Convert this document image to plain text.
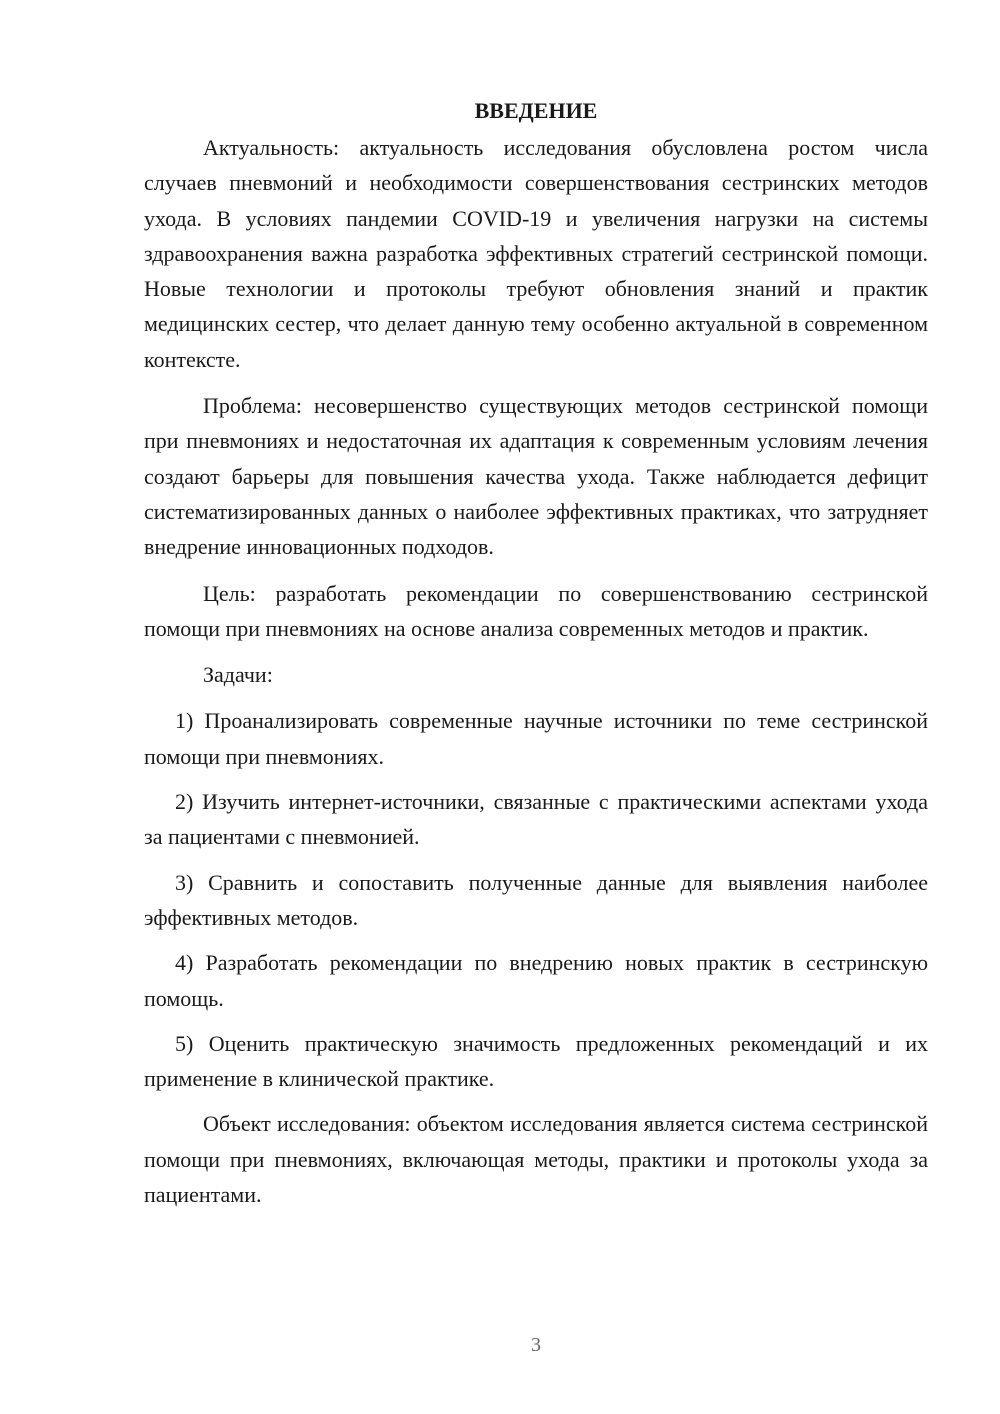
ВВЕДЕНИЕ

Актуальность: актуальность исследования обусловлена ростом числа случаев пневмоний и необходимости совершенствования сестринских методов ухода. В условиях пандемии COVID-19 и увеличения нагрузки на системы здравоохранения важна разработка эффективных стратегий сестринской помощи. Новые технологии и протоколы требуют обновления знаний и практик медицинских сестер, что делает данную тему особенно актуальной в современном контексте.

Проблема: несовершенство существующих методов сестринской помощи при пневмониях и недостаточная их адаптация к современным условиям лечения создают барьеры для повышения качества ухода. Также наблюдается дефицит систематизированных данных о наиболее эффективных практиках, что затрудняет внедрение инновационных подходов.

Цель: разработать рекомендации по совершенствованию сестринской помощи при пневмониях на основе анализа современных методов и практик.

Задачи:

1) Проанализировать современные научные источники по теме сестринской помощи при пневмониях.

2) Изучить интернет-источники, связанные с практическими аспектами ухода за пациентами с пневмонией.

3) Сравнить и сопоставить полученные данные для выявления наиболее эффективных методов.

4) Разработать рекомендации по внедрению новых практик в сестринскую помощь.

5) Оценить практическую значимость предложенных рекомендаций и их применение в клинической практике.

Объект исследования: объектом исследования является система сестринской помощи при пневмониях, включающая методы, практики и протоколы ухода за пациентами.

3
